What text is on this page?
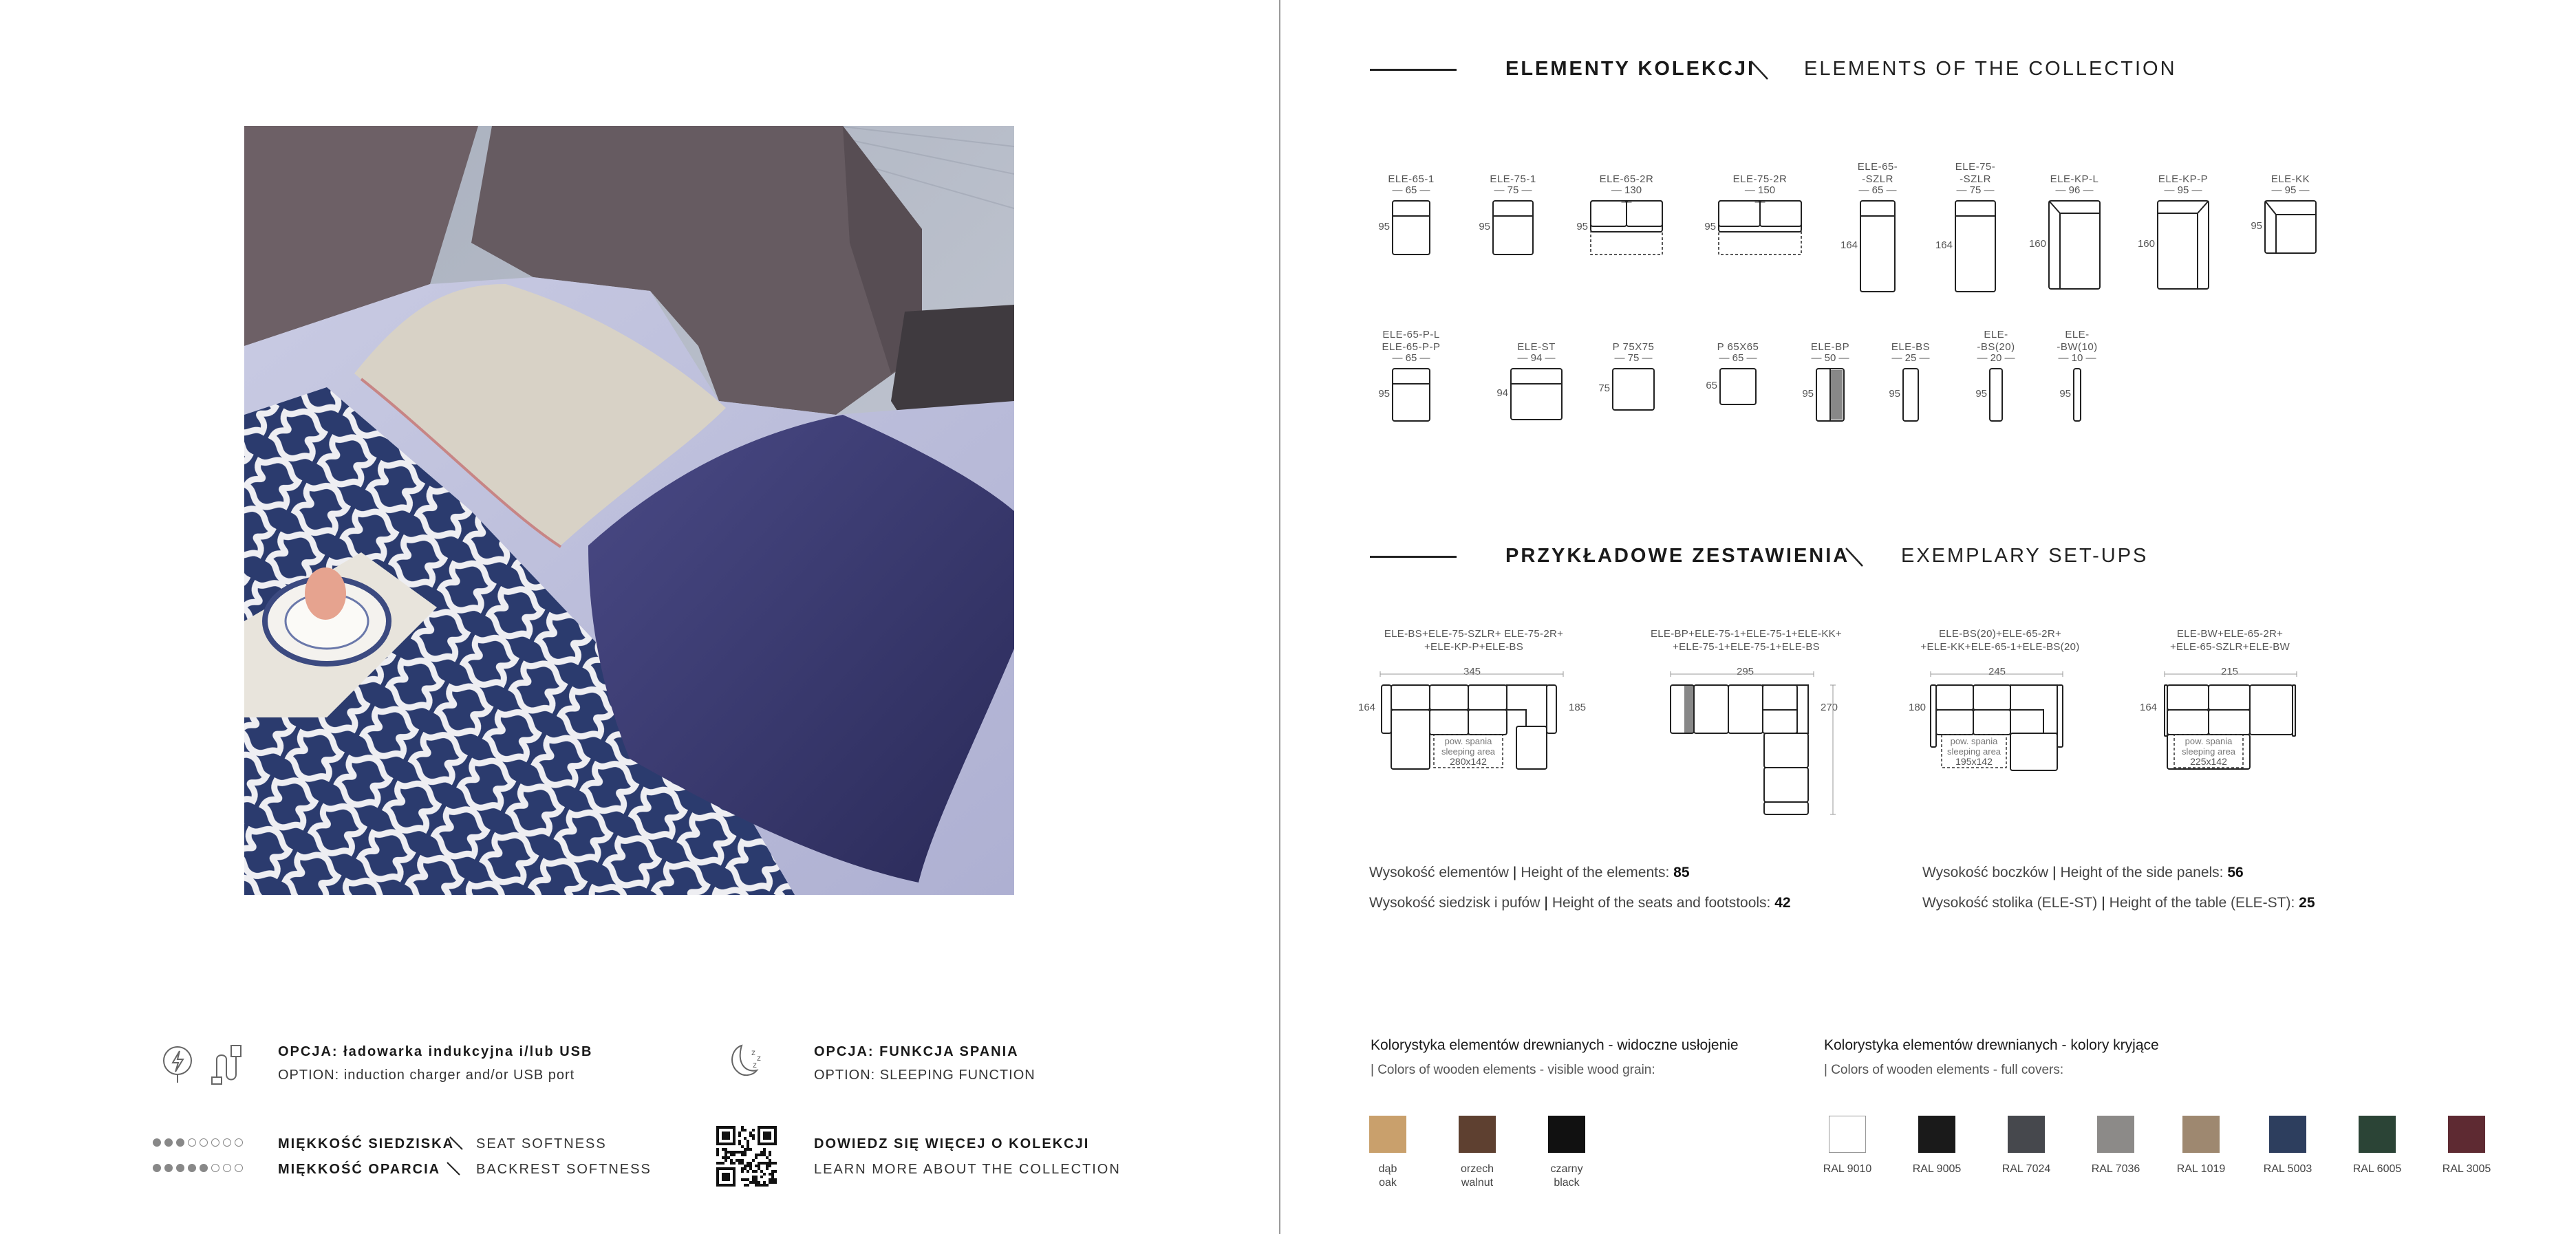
OPCJA: ładowarka indukcyjna i/lub USB
OPTION: induction charger and/or USB port
z
z
z
OPCJA: FUNKCJA SPANIA
OPTION: SLEEPING FUNCTION
MIĘKKOŚĆ SIEDZISKA SEAT SOFTNESS
MIĘKKOŚĆ OPARCIA	BACKREST SOFTNESS
DOWIEDZ SIĘ WIĘCEJ O KOLEKCJI
LEARN MORE ABOUT THE COLLECTION
ELEMENTY KOLEKCJI ELEMENTS OF THE COLLECTION
ELE-65-1
— 65 —
95
ELE-75-1
— 75 —
95
ELE-65-2R
— 130 —
95
ELE-75-2R
— 150 —
95
ELE-65-
-SZLR
— 65 —
164
ELE-75-
-SZLR
— 75 —
164
ELE-KP-L
— 96 —
160
ELE-KP-P
— 95 —
160
ELE-KK
— 95 —
95
ELE-65-P-L
ELE-65-P-P
— 65 —
95
ELE-ST
— 94 —
94
P 75X75
— 75 —
75
P 65X65
— 65 —
65
ELE-BP
— 50 —
95
ELE-BS
— 25 —
95
ELE-
-BS(20)
— 20 —
95
ELE-
-BW(10)
— 10 —
95
PRZYKŁADOWE ZESTAWIENIA	EXEMPLARY SET-UPS
ELE-BS+ELE-75-SZLR+ ELE-75-2R+
+ELE-KP-P+ELE-BS
345
164	185
pow. spania
sleeping area
280x142
ELE-BP+ELE-75-1+ELE-75-1+ELE-KK+
+ELE-75-1+ELE-75-1+ELE-BS
295
270
ELE-BS(20)+ELE-65-2R+
+ELE-KK+ELE-65-1+ELE-BS(20)
245
180
pow. spania
sleeping area
195x142
ELE-BW+ELE-65-2R+
+ELE-65-SZLR+ELE-BW
215
164
pow. spania
sleeping area
225x142
Wysokość elementów | Height of the elements: 85
Wysokość siedzisk i pufów | Height of the seats and footstools: 42
Wysokość boczków | Height of the side panels: 56
Wysokość stolika (ELE-ST) | Height of the table (ELE-ST): 25
Kolorystyka elementów drewnianych - widoczne usłojenie
| Colors of wooden elements - visible wood grain:
Kolorystyka elementów drewnianych - kolory kryjące
| Colors of wooden elements - full covers:
dąb
oak
orzech
walnut
czarny
black
RAL 9010	RAL 9005	RAL 7024	RAL 7036	RAL 1019	RAL 5003	RAL 6005	RAL 3005
